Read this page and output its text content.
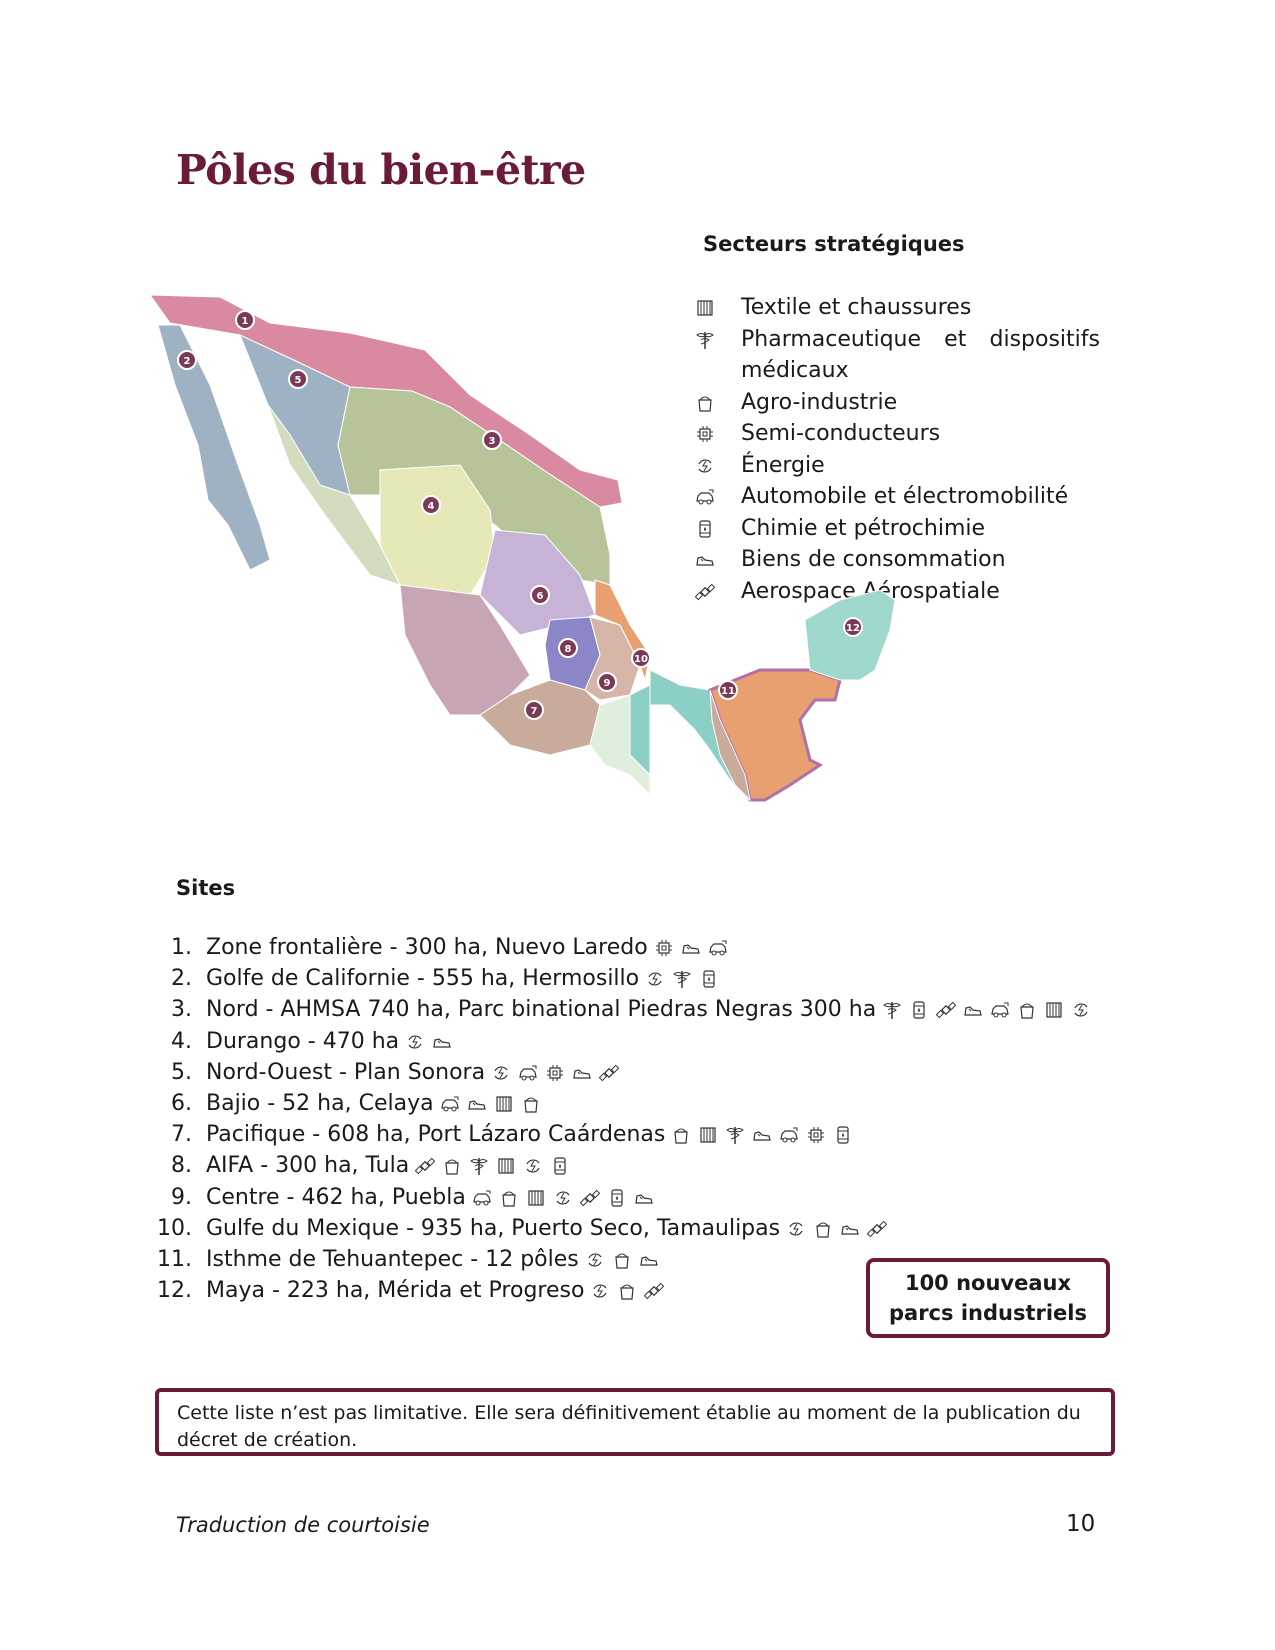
Pôles du bien-être
Secteurs stratégiques
Textile et chaussures
Pharmaceutique et dispositifs médicaux
Agro-industrie
Semi-conducteurs
Énergie
Automobile et électromobilité
Chimie et pétrochimie
Biens de consommation
Aerospace Aérospatiale
1
2
5
3
4
6
8
10
9
7
11
12
Sites
1. Zone frontalière - 300 ha, Nuevo Laredo
2. Golfe de Californie - 555 ha, Hermosillo
3. Nord - AHMSA 740 ha, Parc binational Piedras Negras 300 ha
4. Durango - 470 ha
5. Nord-Ouest - Plan Sonora
6. Bajio - 52 ha, Celaya
7. Pacifique - 608 ha, Port Lázaro Caárdenas
8. AIFA - 300 ha, Tula
9. Centre - 462 ha, Puebla
10. Gulfe du Mexique - 935 ha, Puerto Seco, Tamaulipas
11. Isthme de Tehuantepec - 12 pôles
12. Maya - 223 ha, Mérida et Progreso	100 nouveaux
parcs industriels
Cette liste n’est pas limitative. Elle sera définitivement établie au moment de la publication du décret de création.
Traduction de courtoisie	10
